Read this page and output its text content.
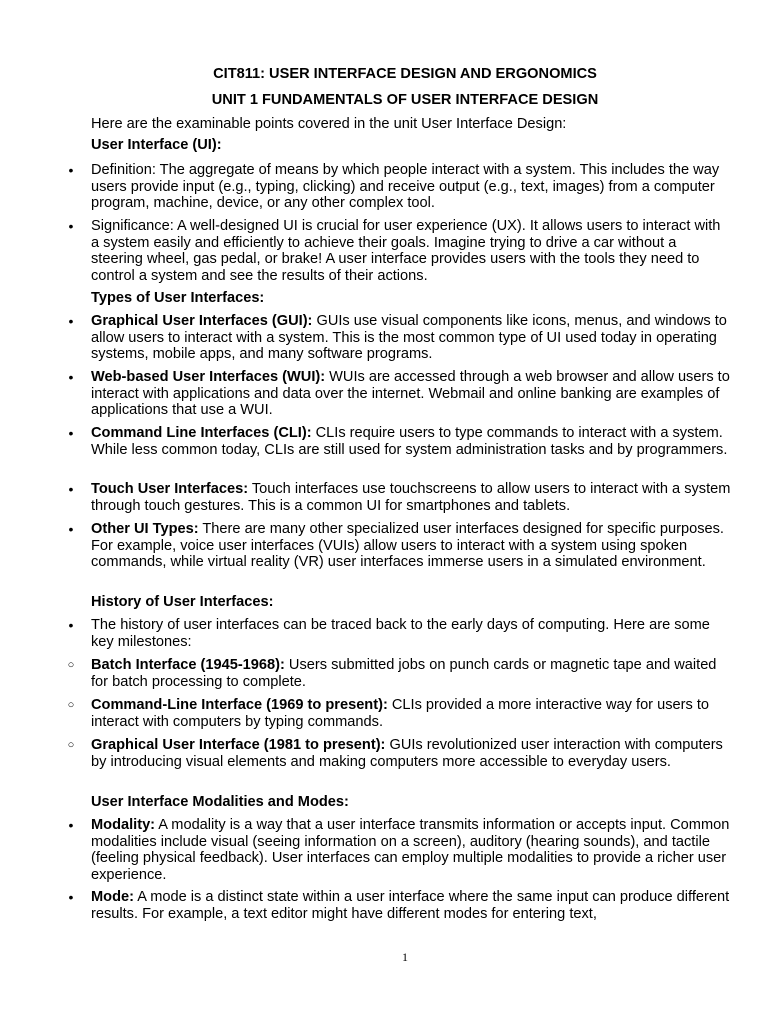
CIT811: USER INTERFACE DESIGN AND ERGONOMICS
UNIT 1 FUNDAMENTALS OF USER INTERFACE DESIGN
Here are the examinable points covered in the unit User Interface Design:
User Interface (UI):
• Definition: The aggregate of means by which people interact with a system. This includes the way users provide input (e.g., typing, clicking) and receive output (e.g., text, images) from a computer program, machine, device, or any other complex tool.
• Significance: A well-designed UI is crucial for user experience (UX). It allows users to interact with a system easily and efficiently to achieve their goals. Imagine trying to drive a car without a steering wheel, gas pedal, or brake! A user interface provides users with the tools they need to control a system and see the results of their actions.
Types of User Interfaces:
• Graphical User Interfaces (GUI): GUIs use visual components like icons, menus, and windows to allow users to interact with a system. This is the most common type of UI used today in operating systems, mobile apps, and many software programs.
• Web-based User Interfaces (WUI): WUIs are accessed through a web browser and allow users to interact with applications and data over the internet. Webmail and online banking are examples of applications that use a WUI.
• Command Line Interfaces (CLI): CLIs require users to type commands to interact with a system. While less common today, CLIs are still used for system administration tasks and by programmers.
• Touch User Interfaces: Touch interfaces use touchscreens to allow users to interact with a system through touch gestures. This is a common UI for smartphones and tablets.
• Other UI Types: There are many other specialized user interfaces designed for specific purposes. For example, voice user interfaces (VUIs) allow users to interact with a system using spoken commands, while virtual reality (VR) user interfaces immerse users in a simulated environment.
History of User Interfaces:
• The history of user interfaces can be traced back to the early days of computing. Here are some key milestones:
○ Batch Interface (1945-1968): Users submitted jobs on punch cards or magnetic tape and waited for batch processing to complete.
○ Command-Line Interface (1969 to present): CLIs provided a more interactive way for users to interact with computers by typing commands.
○ Graphical User Interface (1981 to present): GUIs revolutionized user interaction with computers by introducing visual elements and making computers more accessible to everyday users.
User Interface Modalities and Modes:
• Modality: A modality is a way that a user interface transmits information or accepts input. Common modalities include visual (seeing information on a screen), auditory (hearing sounds), and tactile (feeling physical feedback). User interfaces can employ multiple modalities to provide a richer user experience.
• Mode: A mode is a distinct state within a user interface where the same input can produce different results. For example, a text editor might have different modes for entering text,
1
